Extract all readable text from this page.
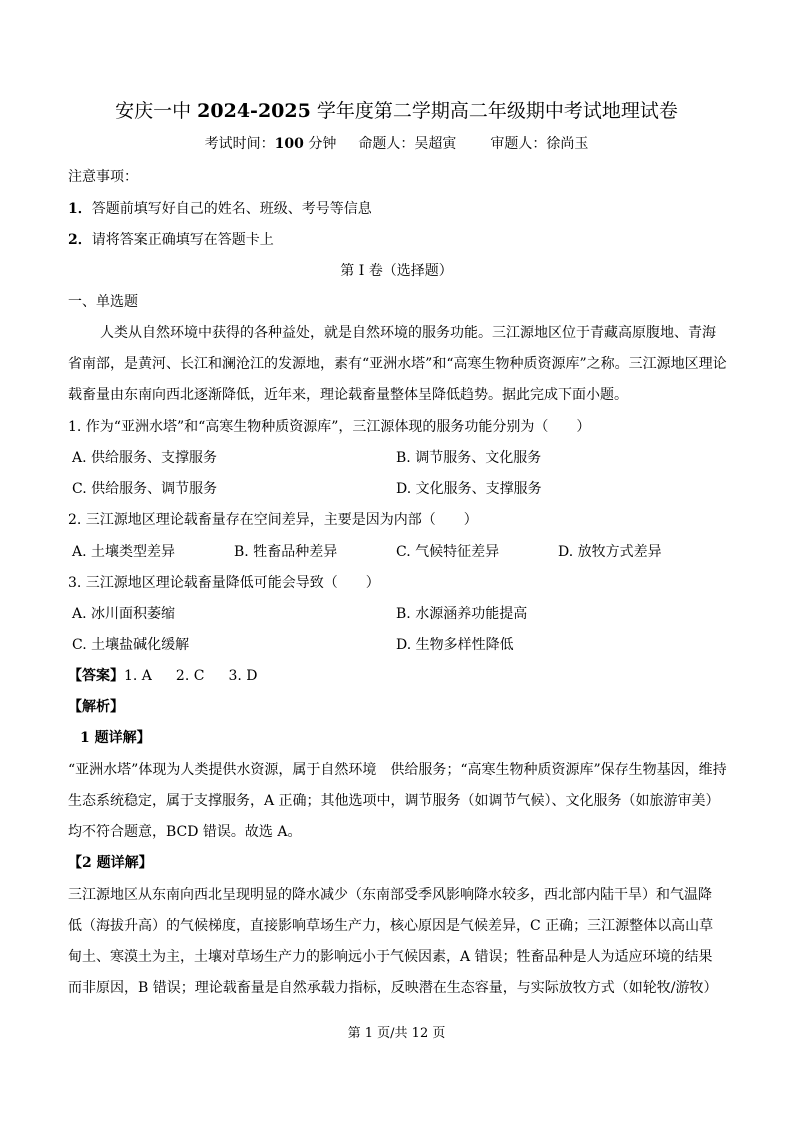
安庆一中 2024-2025 学年度第二学期高二年级期中考试地理试卷
考试时间：100 分钟 命题人：吴超寅 审题人：徐尚玉
注意事项：
1．答题前填写好自己的姓名、班级、考号等信息
2．请将答案正确填写在答题卡上
第 I 卷（选择题）
一、单选题
人类从自然环境中获得的各种益处，就是自然环境的服务功能。三江源地区位于青藏高原腹地、青海
省南部，是黄河、长江和澜沧江的发源地，素有“亚洲水塔”和“高寒生物种质资源库”之称。三江源地区理论
载畜量由东南向西北逐渐降低，近年来，理论载畜量整体呈降低趋势。据此完成下面小题。
1. 作为“亚洲水塔”和“高寒生物种质资源库”，三江源体现的服务功能分别为（　　）
A. 供给服务、支撑服务	B. 调节服务、文化服务
C. 供给服务、调节服务	D. 文化服务、支撑服务
2. 三江源地区理论载畜量存在空间差异，主要是因为内部（　　）
A. 土壤类型差异	B. 牲畜品种差异	C. 气候特征差异	D. 放牧方式差异
3. 三江源地区理论载畜量降低可能会导致（　　）
A. 冰川面积萎缩	B. 水源涵养功能提高
C. 土壤盐碱化缓解	D. 生物多样性降低
【答案】1. A 2. C 3. D
【解析】
1 题详解】
“亚洲水塔”体现为人类提供水资源，属于自然环境　供给服务；“高寒生物种质资源库”保存生物基因，维持
生态系统稳定，属于支撑服务，A 正确；其他选项中，调节服务（如调节气候）、文化服务（如旅游审美）
均不符合题意，BCD 错误。故选 A。
【2 题详解】
三江源地区从东南向西北呈现明显的降水减少（东南部受季风影响降水较多，西北部内陆干旱）和气温降
低（海拔升高）的气候梯度，直接影响草场生产力，核心原因是气候差异，C 正确；三江源整体以高山草
甸土、寒漠土为主，土壤对草场生产力的影响远小于气候因素，A 错误；牲畜品种是人为适应环境的结果
而非原因，B 错误；理论载畜量是自然承载力指标，反映潜在生态容量，与实际放牧方式（如轮牧/游牧）
第 1 页/共 12 页
